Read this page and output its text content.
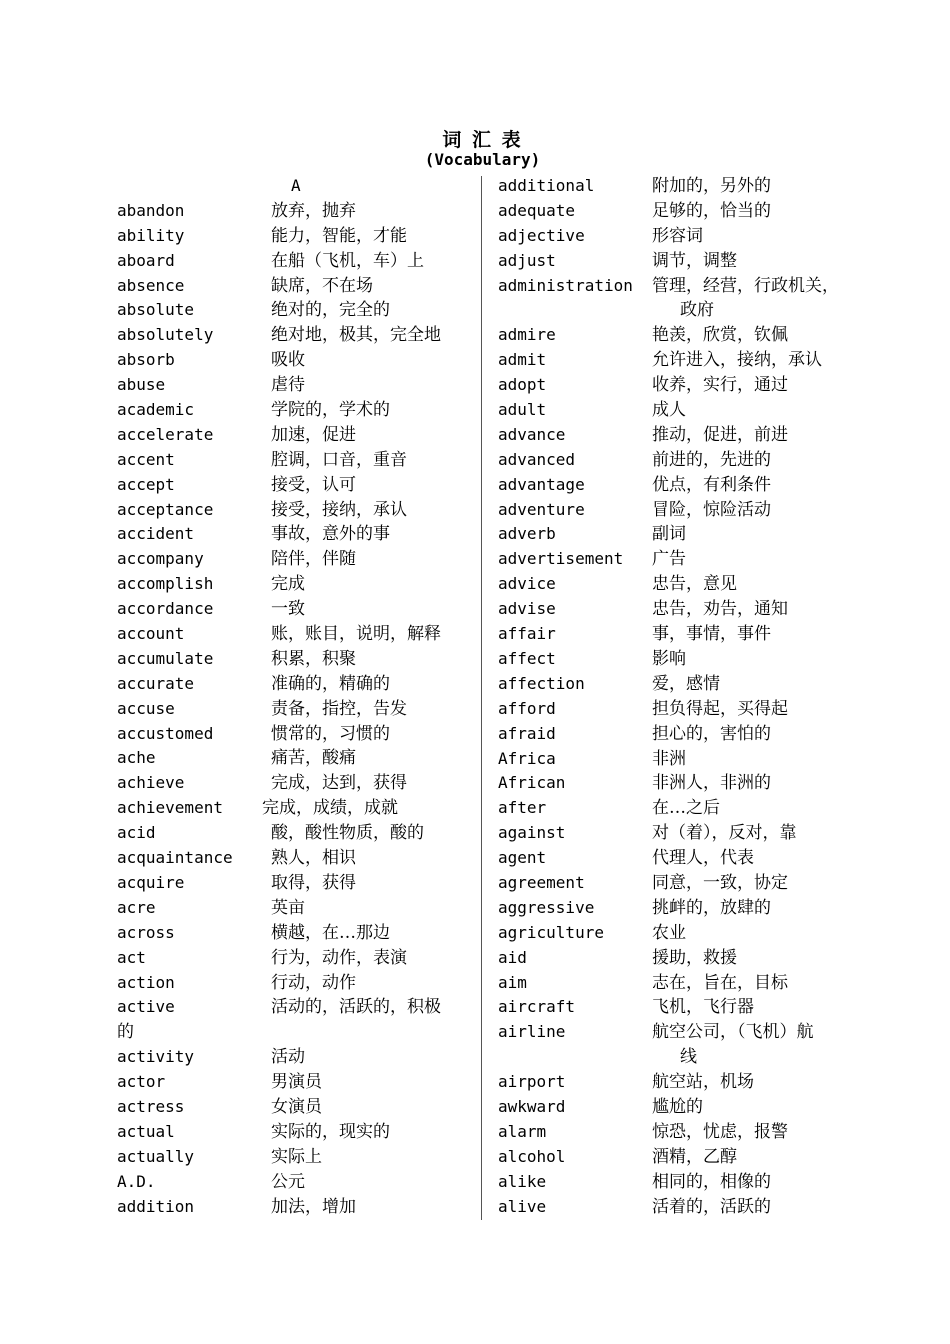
词 汇 表
(Vocabulary)
A
abandon	放弃，抛弃
ability	能力，智能，才能
aboard	在船（飞机，车）上
absence	缺席，不在场
absolute	绝对的，完全的
absolutely	绝对地，极其，完全地
absorb	吸收
abuse	虐待
academic	学院的，学术的
accelerate	加速，促进
accent	腔调，口音，重音
accept	接受，认可
acceptance	接受，接纳，承认
accident	事故，意外的事
accompany	陪伴，伴随
accomplish	完成
accordance	一致
account	账，账目，说明，解释
accumulate	积累，积聚
accurate	准确的，精确的
accuse	责备，指控，告发
accustomed	惯常的，习惯的
ache	痛苦，酸痛
achieve	完成，达到，获得
achievement 完成，成绩，成就
acid	酸，酸性物质，酸的
acquaintance 熟人，相识
acquire	取得，获得
acre	英亩
across	横越，在…那边
act	行为，动作，表演
action	行动，动作
active	活动的，活跃的，积极
的
activity	活动
actor	男演员
actress	女演员
actual	实际的，现实的
actually	实际上
A.D.	公元
addition	加法，增加
additional	附加的，另外的
adequate	足够的，恰当的
adjective	形容词
adjust	调节，调整
administration 管理，经营，行政机关，
政府
admire	艳羡，欣赏，钦佩
admit	允许进入，接纳，承认
adopt	收养，实行，通过
adult	成人
advance	推动，促进，前进
advanced	前进的，先进的
advantage	优点，有利条件
adventure	冒险，惊险活动
adverb	副词
advertisement 广告
advice	忠告，意见
advise	忠告，劝告，通知
affair	事，事情，事件
affect	影响
affection	爱，感情
afford	担负得起，买得起
afraid	担心的，害怕的
Africa	非洲
African	非洲人，非洲的
after	在…之后
against	对（着），反对，靠
agent	代理人，代表
agreement	同意，一致，协定
aggressive	挑衅的，放肆的
agriculture	农业
aid	援助，救援
aim	志在，旨在，目标
aircraft	飞机，飞行器
airline	航空公司，（飞机）航
线
airport	航空站，机场
awkward	尴尬的
alarm	惊恐，忧虑，报警
alcohol	酒精，乙醇
alike	相同的，相像的
alive	活着的，活跃的
